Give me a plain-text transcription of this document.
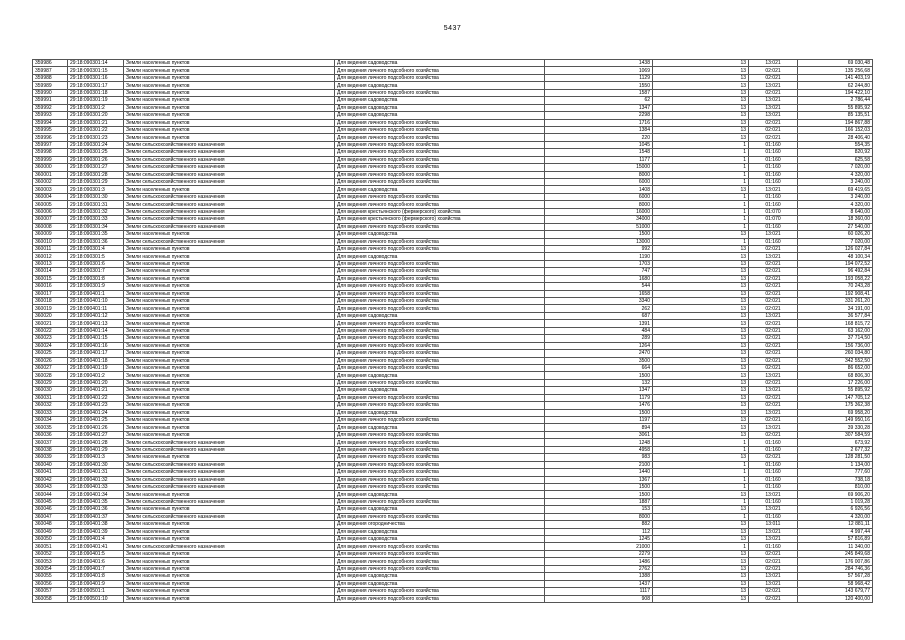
5437
359986	29:18:090301:14	Земли населенных пунктов	Для ведения садоводства	1438	13	13:021	69 030,48
359987	29:18:090301:15	Земли населенных пунктов	Для ведения личного подсобного хозяйства	1069	13	02:021	135 256,68
359988	29:18:090301:16	Земли населенных пунктов	Для ведения личного подсобного хозяйства	1129	13	02:021	141 403,19
359989	29:18:090301:17	Земли населенных пунктов	Для ведения садоводства	1550	13	13:021	62 244,80
359990	29:18:090301:18	Земли населенных пунктов	Для ведения личного подсобного хозяйства	1587	13	02:021	194 422,10
359991	29:18:090301:19	Земли населенных пунктов	Для ведения садоводства	62	13	13:021	2 786,44
359992	29:18:090301:2	Земли населенных пунктов	Для ведения садоводства	1347	13	13:021	55 895,92
359993	29:18:090301:20	Земли населенных пунктов	Для ведения садоводства	2298	13	13:021	85 135,51
359994	29:18:090301:21	Земли населенных пунктов	Для ведения личного подсобного хозяйства	1716	13	02:021	194 867,88
359995	29:18:090301:22	Земли населенных пунктов	Для ведения личного подсобного хозяйства	1384	13	02:021	166 152,03
359996	29:18:090301:23	Земли населенных пунктов	Для ведения личного подсобного хозяйства	220	13	02:021	28 406,40
359997	29:18:090301:24	Земли сельскохозяйственного назначения	Для ведения личного подсобного хозяйства	1045	1	01:160	554,35
359998	29:18:090301:25	Земли сельскохозяйственного назначения	Для ведения личного подсобного хозяйства	1548	1	01:160	820,92
359999	29:18:090301:26	Земли сельскохозяйственного назначения	Для ведения личного подсобного хозяйства	1177	1	01:160	625,58
360000	29:18:090301:27	Земли сельскохозяйственного назначения	Для ведения личного подсобного хозяйства	15000	1	01:160	7 020,00
360001	29:18:090301:28	Земли сельскохозяйственного назначения	Для ведения личного подсобного хозяйства	8000	1	01:160	4 320,00
360002	29:18:090301:29	Земли сельскохозяйственного назначения	Для ведения личного подсобного хозяйства	6000	1	01:160	3 240,00
360003	29:18:090301:3	Земли населенных пунктов	Для ведения садоводства	1408	13	13:021	69 419,65
360004	29:18:090301:30	Земли сельскохозяйственного назначения	Для ведения личного подсобного хозяйства	6000	1	01:160	3 240,00
360005	29:18:090301:31	Земли сельскохозяйственного назначения	Для ведения личного подсобного хозяйства	8000	1	01:160	4 320,00
360006	29:18:090301:32	Земли сельскохозяйственного назначения	Для ведения крестьянского (фермерского) хозяйства	16000	1	01:070	8 640,00
360007	29:18:090301:33	Земли сельскохозяйственного назначения	Для ведения крестьянского (фермерского) хозяйства	34000	1	01:070	18 360,00
360008	29:18:090301:34	Земли сельскохозяйственного назначения	Для ведения личного подсобного хозяйства	51000	1	01:160	27 540,00
360009	29:18:090301:35	Земли населенных пунктов	Для ведения садоводства	1500	13	13:021	60 026,20
360010	29:18:090301:36	Земли сельскохозяйственного назначения	Для ведения личного подсобного хозяйства	13000	1	01:160	7 020,00
360011	29:18:090301:4	Земли населенных пунктов	Для ведения личного подсобного хозяйства	992	13	02:021	126 027,84
360012	29:18:090301:5	Земли населенных пунктов	Для ведения садоводства	1190	13	13:021	48 100,34
360013	29:18:090301:6	Земли населенных пунктов	Для ведения личного подсобного хозяйства	1703	13	02:021	194 072,52
360014	29:18:090301:7	Земли населенных пунктов	Для ведения личного подсобного хозяйства	747	13	02:021	96 492,84
360015	29:18:090301:8	Земли населенных пунктов	Для ведения личного подсобного хозяйства	1680	13	02:021	193 058,22
360016	29:18:090301:9	Земли населенных пунктов	Для ведения личного подсобного хозяйства	544	13	02:021	70 243,28
360017	29:18:090401:1	Земли населенных пунктов	Для ведения личного подсобного хозяйства	1658	13	02:021	192 908,41
360018	29:18:090401:10	Земли населенных пунктов	Для ведения личного подсобного хозяйства	3340	13	02:021	331 261,20
360019	29:18:090401:11	Земли населенных пунктов	Для ведения личного подсобного хозяйства	262	13	02:021	34 191,00
360020	29:18:090401:12	Земли населенных пунктов	Для ведения садоводства	687	13	13:021	36 577,84
360021	29:18:090401:13	Земли населенных пунктов	Для ведения личного подсобного хозяйства	1391	13	02:021	168 815,72
360022	29:18:090401:14	Земли населенных пунктов	Для ведения личного подсобного хозяйства	484	13	02:021	63 162,00
360023	29:18:090401:15	Земли населенных пунктов	Для ведения личного подсобного хозяйства	289	13	02:021	37 714,50
360024	29:18:090401:16	Земли населенных пунктов	Для ведения личного подсобного хозяйства	1264	13	02:021	156 736,00
360025	29:18:090401:17	Земли населенных пунктов	Для ведения личного подсобного хозяйства	2470	13	02:021	260 034,80
360026	29:18:090401:18	Земли населенных пунктов	Для ведения личного подсобного хозяйства	3500	13	02:021	342 552,50
360027	29:18:090401:19	Земли населенных пунктов	Для ведения личного подсобного хозяйства	664	13	02:021	86 652,00
360028	29:18:090401:2	Земли населенных пунктов	Для ведения садоводства	1500	13	13:021	68 806,30
360029	29:18:090401:20	Земли населенных пунктов	Для ведения личного подсобного хозяйства	132	13	02:021	17 226,00
360030	29:18:090401:21	Земли населенных пунктов	Для ведения садоводства	1347	13	13:021	55 895,92
360031	29:18:090401:22	Земли населенных пунктов	Для ведения личного подсобного хозяйства	1179	13	02:021	147 705,12
360032	29:18:090401:23	Земли населенных пунктов	Для ведения личного подсобного хозяйства	1476	13	02:021	175 362,38
360033	29:18:090401:24	Земли населенных пунктов	Для ведения садоводства	1500	13	13:021	69 958,20
360034	29:18:090401:25	Земли населенных пунктов	Для ведения личного подсобного хозяйства	1197	13	02:021	149 950,16
360035	29:18:090401:26	Земли населенных пунктов	Для ведения садоводства	894	13	13:021	39 330,28
360036	29:18:090401:27	Земли населенных пунктов	Для ведения личного подсобного хозяйства	3061	13	02:021	307 584,59
360037	29:18:090401:28	Земли сельскохозяйственного назначения	Для ведения личного подсобного хозяйства	1248	1	01:160	673,92
360038	29:18:090401:29	Земли сельскохозяйственного назначения	Для ведения личного подсобного хозяйства	4958	1	01:160	2 677,32
360039	29:18:090401:3	Земли населенных пунктов	Для ведения личного подсобного хозяйства	983	13	02:021	128 281,50
360040	29:18:090401:30	Земли сельскохозяйственного назначения	Для ведения личного подсобного хозяйства	2100	1	01:160	1 134,00
360041	29:18:090401:31	Земли сельскохозяйственного назначения	Для ведения личного подсобного хозяйства	1440	1	01:160	777,60
360042	29:18:090401:32	Земли сельскохозяйственного назначения	Для ведения личного подсобного хозяйства	1367	1	01:160	738,18
360043	29:18:090401:33	Земли сельскохозяйственного назначения	Для ведения личного подсобного хозяйства	1500	1	01:160	810,00
360044	29:18:090401:34	Земли населенных пунктов	Для ведения садоводства	1500	13	13:021	69 906,20
360045	29:18:090401:35	Земли сельскохозяйственного назначения	Для ведения личного подсобного хозяйства	1887	1	01:160	1 019,28
360046	29:18:090401:36	Земли населенных пунктов	Для ведения садоводства	153	13	13:021	6 926,56
360047	29:18:090401:37	Земли сельскохозяйственного назначения	Для ведения личного подсобного хозяйства	8000	1	01:160	4 320,00
360048	29:18:090401:38	Земли населенных пунктов	Для ведения огородничества	882	13	13:011	12 881,11
360049	29:18:090401:39	Земли населенных пунктов	Для ведения садоводства	112	13	13:021	4 997,44
360050	29:18:090401:4	Земли населенных пунктов	Для ведения садоводства	1245	13	13:021	57 816,89
360051	29:18:090401:41	Земли сельскохозяйственного назначения	Для ведения личного подсобного хозяйства	21000	1	01:160	11 340,00
360052	29:18:090401:5	Земли населенных пунктов	Для ведения личного подсобного хозяйства	2279	13	02:021	245 849,68
360053	29:18:090401:6	Земли населенных пунктов	Для ведения личного подсобного хозяйства	1486	13	02:021	176 007,86
360054	29:18:090401:7	Земли населенных пунктов	Для ведения личного подсобного хозяйства	2762	13	02:021	284 746,36
360055	29:18:090401:8	Земли населенных пунктов	Для ведения садоводства	1388	13	13:021	57 567,28
360056	29:18:090401:9	Земли населенных пунктов	Для ведения садоводства	1437	13	13:021	58 968,42
360057	29:18:090501:1	Земли населенных пунктов	Для ведения личного подсобного хозяйства	1117	13	02:021	143 679,77
360058	29:18:090501:10	Земли населенных пунктов	Для ведения личного подсобного хозяйства	908	13	02:021	120 400,00
